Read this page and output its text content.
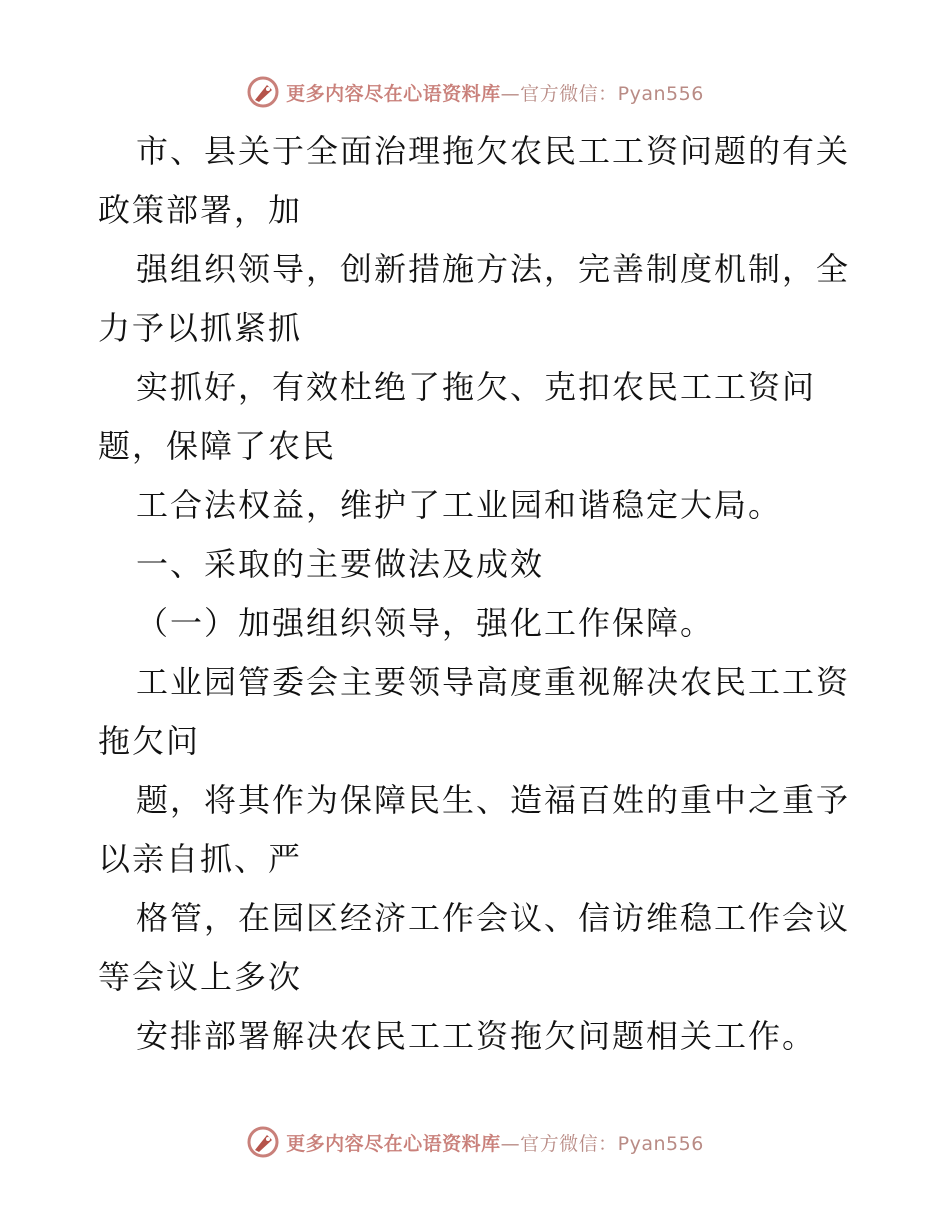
更多内容尽在心语资料库—官方微信：Pyan556
市、县关于全面治理拖欠农民工工资问题的有关
政策部署，加
强组织领导，创新措施方法，完善制度机制，全
力予以抓紧抓
实抓好，有效杜绝了拖欠、克扣农民工工资问
题，保障了农民
工合法权益，维护了工业园和谐稳定大局。
一、采取的主要做法及成效
（一）加强组织领导，强化工作保障。
工业园管委会主要领导高度重视解决农民工工资
拖欠问
题，将其作为保障民生、造福百姓的重中之重予
以亲自抓、严
格管，在园区经济工作会议、信访维稳工作会议
等会议上多次
安排部署解决农民工工资拖欠问题相关工作。
更多内容尽在心语资料库—官方微信：Pyan556
